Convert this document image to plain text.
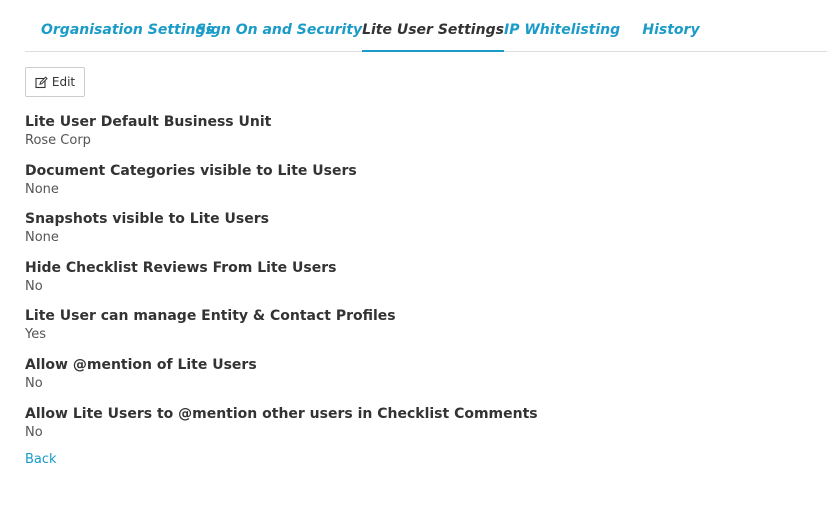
Organisation Settings
Sign On and Security Lite User Settings IP Whitelisting	History
Edit
Lite User Default Business Unit
Rose Corp
Document Categories visible to Lite Users
None
Snapshots visible to Lite Users
None
Hide Checklist Reviews From Lite Users
No
Lite User can manage Entity & Contact Profiles
Yes
Allow @mention of Lite Users
No
Allow Lite Users to @mention other users in Checklist Comments
No
Back
